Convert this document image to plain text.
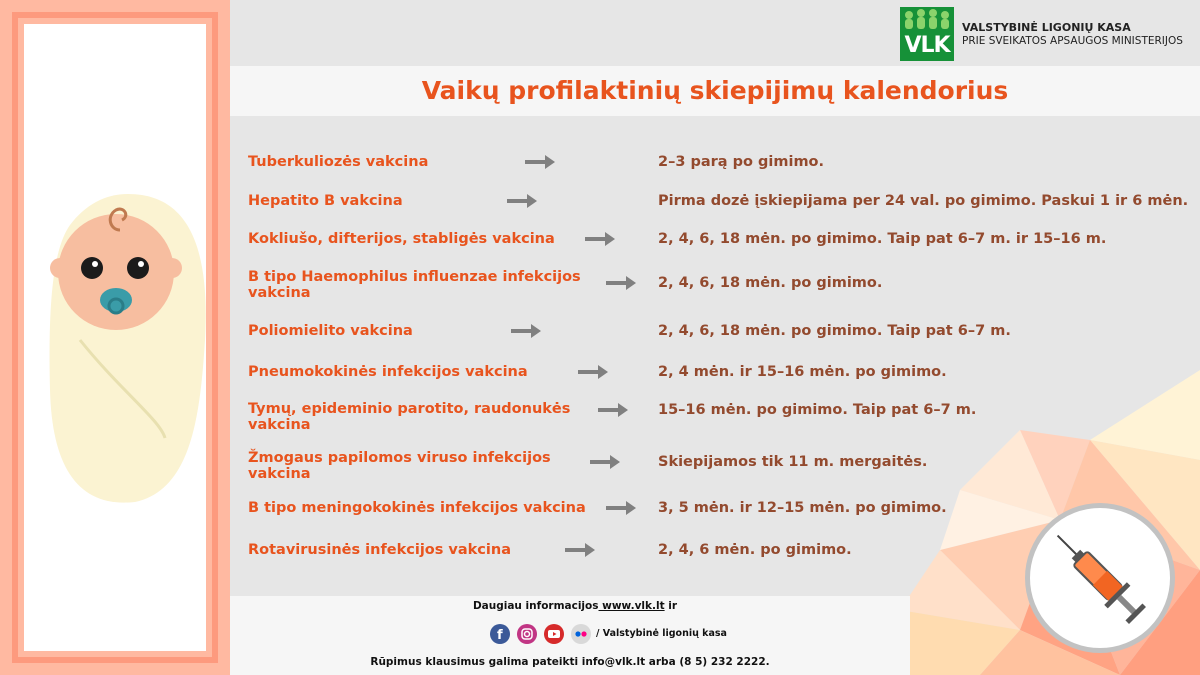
VLK
VALSTYBINĖ LIGONIŲ KASA
PRIE SVEIKATOS APSAUGOS MINISTERIJOS
Vaikų profilaktinių skiepijimų kalendorius
Tuberkuliozės vakcina	2–3 parą po gimimo.
Hepatito B vakcina	Pirma dozė įskiepijama per 24 val. po gimimo. Paskui 1 ir 6 mėn.
Kokliušo, difterijos, stabligės vakcina	2, 4, 6, 18 mėn. po gimimo. Taip pat 6–7 m. ir 15–16 m.
B tipo Haemophilus influenzae infekcijos
vakcina
2, 4, 6, 18 mėn. po gimimo.
Poliomielito vakcina	2, 4, 6, 18 mėn. po gimimo. Taip pat 6–7 m.
Pneumokokinės infekcijos vakcina	2, 4 mėn. ir 15–16 mėn. po gimimo.
Tymų, epideminio parotito, raudonukės
vakcina
15–16 mėn. po gimimo. Taip pat 6–7 m.
Žmogaus papilomos viruso infekcijos
vakcina
Skiepijamos tik 11 m. mergaitės.
B tipo meningokokinės infekcijos vakcina	3, 5 mėn. ir 12–15 mėn. po gimimo.
Rotavirusinės infekcijos vakcina	2, 4, 6 mėn. po gimimo.
Daugiau informacijos www.vlk.lt ir
f	/ Valstybinė ligonių kasa
Rūpimus klausimus galima pateikti info@vlk.lt arba (8 5) 232 2222.
